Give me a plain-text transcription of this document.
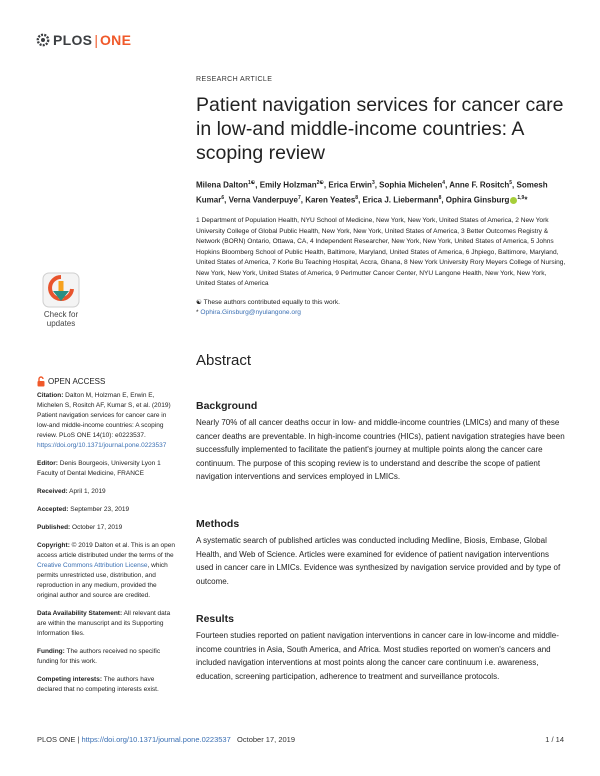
PLOS | ONE
Check for updates
OPEN ACCESS
Citation: Dalton M, Holzman E, Erwin E, Michelen S, Rositch AF, Kumar S, et al. (2019) Patient navigation services for cancer care in low-and middle-income countries: A scoping review. PLoS ONE 14(10): e0223537. https://doi.org/10.1371/journal.pone.0223537
Editor: Denis Bourgeois, University Lyon 1 Faculty of Dental Medicine, FRANCE
Received: April 1, 2019
Accepted: September 23, 2019
Published: October 17, 2019
Copyright: © 2019 Dalton et al. This is an open access article distributed under the terms of the Creative Commons Attribution License, which permits unrestricted use, distribution, and reproduction in any medium, provided the original author and source are credited.
Data Availability Statement: All relevant data are within the manuscript and its Supporting Information files.
Funding: The authors received no specific funding for this work.
Competing interests: The authors have declared that no competing interests exist.
RESEARCH ARTICLE
Patient navigation services for cancer care in low-and middle-income countries: A scoping review
Milena Dalton$^{1☯}$, Emily Holzman$^{2☯}$, Erica Erwin$^3$, Sophia Michelen$^4$, Anne F. Rositch$^5$, Somesh Kumar$^6$, Verna Vanderpuye$^7$, Karen Yeates$^8$, Erica J. Liebermann$^8$, Ophira Ginsburg $^{1,9}$*
1 Department of Population Health, NYU School of Medicine, New York, New York, United States of America, 2 New York University College of Global Public Health, New York, New York, United States of America, 3 Better Outcomes Registry & Network (BORN) Ontario, Ottawa, CA, 4 Independent Researcher, New York, New York, United States of America, 5 Johns Hopkins Bloomberg School of Public Health, Baltimore, Maryland, United States of America, 6 Jhpiego, Baltimore, Maryland, United States of America, 7 Korle Bu Teaching Hospital, Accra, Ghana, 8 New York University Rory Meyers College of Nursing, New York, New York, United States of America, 9 Perlmutter Cancer Center, NYU Langone Health, New York, New York, United States of America
☯ These authors contributed equally to this work.
* Ophira.Ginsburg@nyulangone.org
Abstract
Background
Nearly 70% of all cancer deaths occur in low- and middle-income countries (LMICs) and many of these cancer deaths are preventable. In high-income countries (HICs), patient navigation strategies have been successfully implemented to facilitate the patient's journey at multiple points along the cancer care continuum. The purpose of this scoping review is to understand and describe the scope of patient navigation interventions and services employed in LMICs.
Methods
A systematic search of published articles was conducted including Medline, Biosis, Embase, Global Health, and Web of Science. Articles were examined for evidence of patient navigation interventions used in cancer care in LMICs. Evidence was synthesized by navigation service provided and by type of outcome.
Results
Fourteen studies reported on patient navigation interventions in cancer care in low-income and middle-income countries in Asia, South America, and Africa. Most studies reported on women's cancers and included navigation interventions at most points along the cancer care continuum i.e. awareness, education, screening participation, adherence to treatment and surveillance protocols.
PLOS ONE | https://doi.org/10.1371/journal.pone.0223537 October 17, 2019	1 / 14
